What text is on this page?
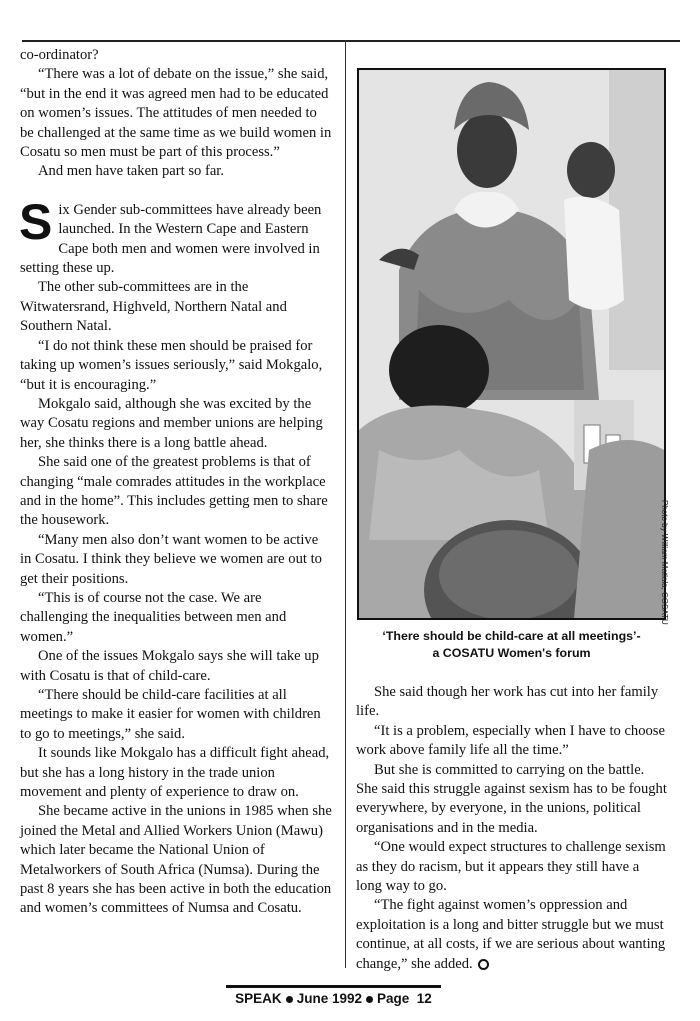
co-ordinator?

“There was a lot of debate on the issue,” she said, “but in the end it was agreed men had to be educated on women’s issues. The attitudes of men needed to be challenged at the same time as we build women in Cosatu so men must be part of this process.”

And men have taken part so far.

Six Gender sub-committees have already been launched. In the Western Cape and Eastern Cape both men and women were involved in setting these up.

The other sub-committees are in the Witwatersrand, Highveld, Northern Natal and Southern Natal.

“I do not think these men should be praised for taking up women’s issues seriously,” said Mokgalo, “but it is encouraging.”

Mokgalo said, although she was excited by the way Cosatu regions and member unions are helping her, she thinks there is a long battle ahead.

She said one of the greatest problems is that of changing “male comrades attitudes in the workplace and in the home”. This includes getting men to share the housework.

“Many men also don’t want women to be active in Cosatu. I think they believe we women are out to get their positions.

“This is of course not the case. We are challenging the inequalities between men and women.”

One of the issues Mokgalo says she will take up with Cosatu is that of child-care.

“There should be child-care facilities at all meetings to make it easier for women with children to go to meetings,” she said.

It sounds like Mokgalo has a difficult fight ahead, but she has a long history in the trade union movement and plenty of experience to draw on.

She became active in the unions in 1985 when she joined the Metal and Allied Workers Union (Mawu) which later became the National Union of Metalworkers of South Africa (Numsa). During the past 8 years she has been active in both the education and women’s committees of Numsa and Cosatu.

Photo by William Matlala, COSATU
‘There should be child-care at all meetings’-
a COSATU Women's forum

She said though her work has cut into her family life.

“It is a problem, especially when I have to choose work above family life all the time.”

But she is committed to carrying on the battle. She said this struggle against sexism has to be fought everywhere, by everyone, in the unions, political organisations and in the media.

“One would expect structures to challenge sexism as they do racism, but it appears they still have a long way to go.

“The fight against women’s oppression and exploitation is a long and bitter struggle but we must continue, at all costs, if we are serious about wanting change,” she added.

SPEAK June 1992 Page 12
